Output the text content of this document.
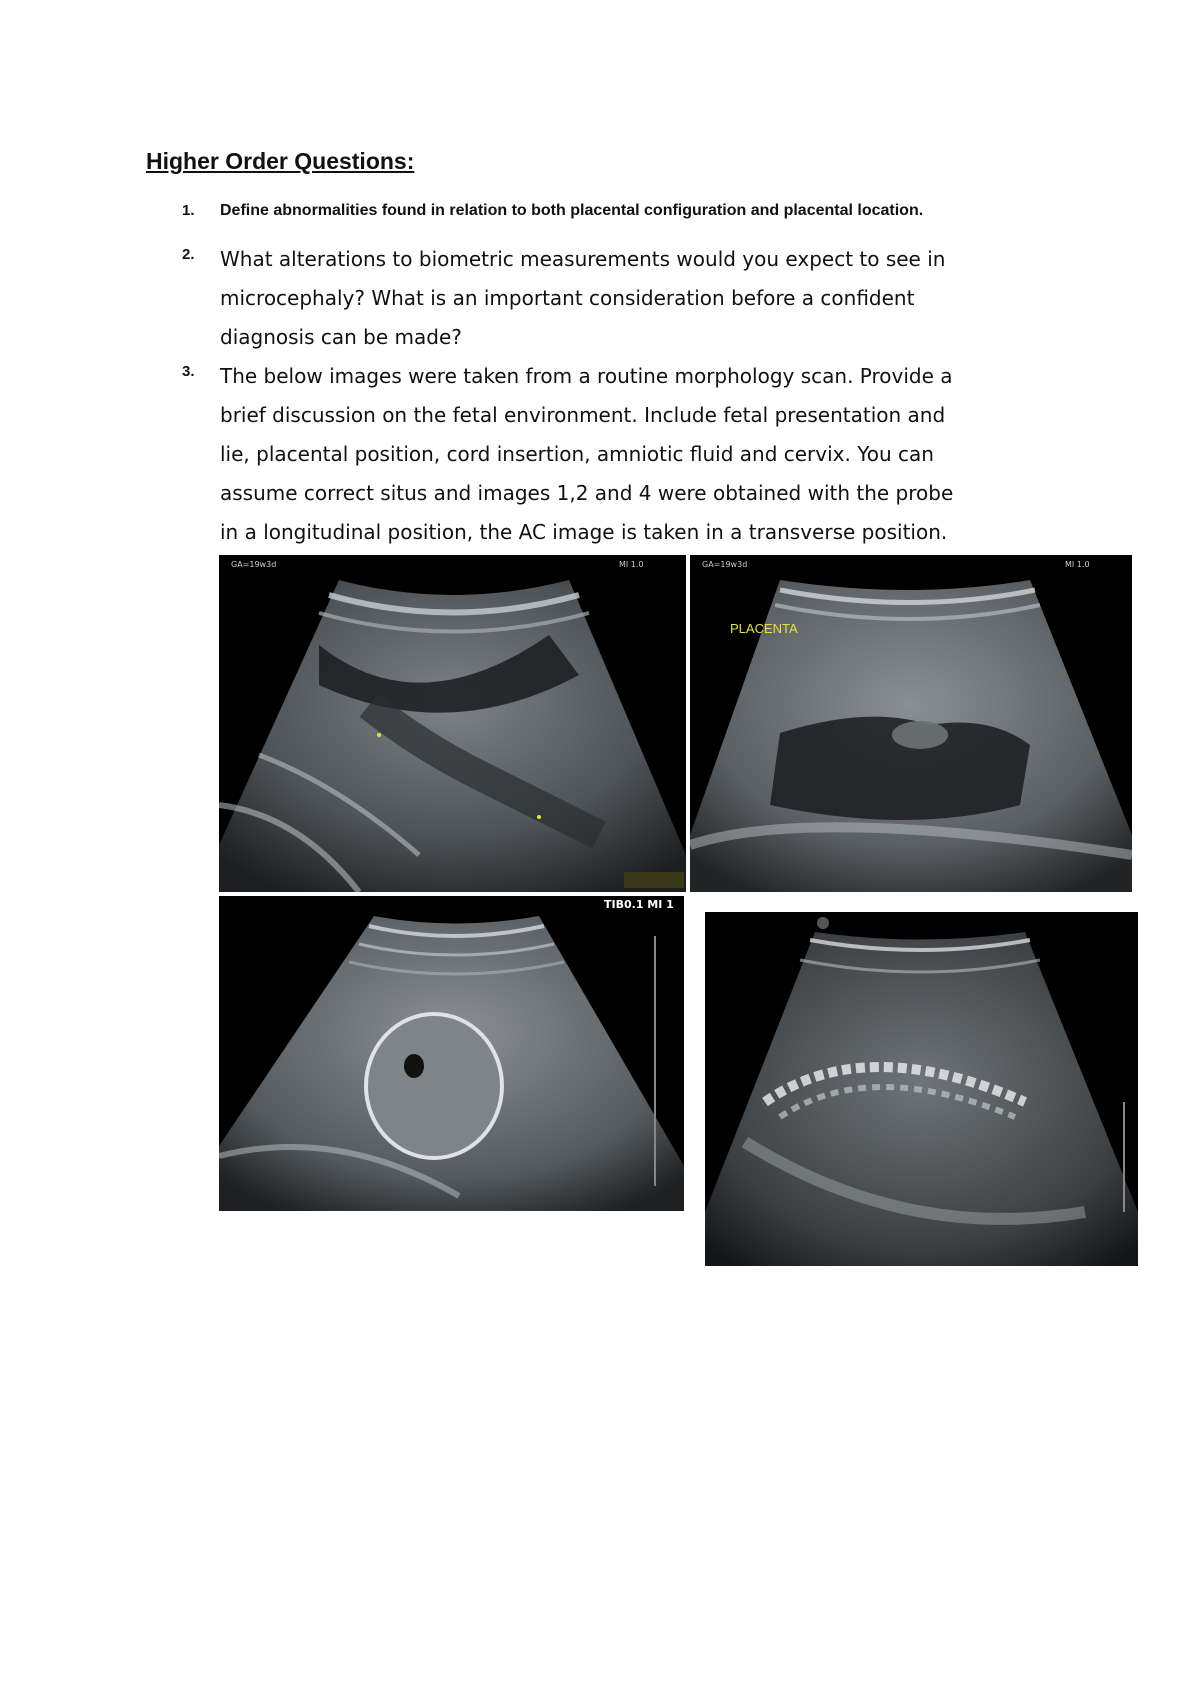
Higher Order Questions:
1. Define abnormalities found in relation to both placental configuration and placental location.
2. What alterations to biometric measurements would you expect to see in
microcephaly? What is an important consideration before a confident
diagnosis can be made?
3. The below images were taken from a routine morphology scan. Provide a
brief discussion on the fetal environment. Include fetal presentation and
lie, placental position, cord insertion, amniotic fluid and cervix. You can
assume correct situs and images 1,2 and 4 were obtained with the probe
in a longitudinal position, the AC image is taken in a transverse position.
GA=19w3d	MI 1.0
PLACENTA
GA=19w3d	MI 1.0
TIB0.1 MI 1
